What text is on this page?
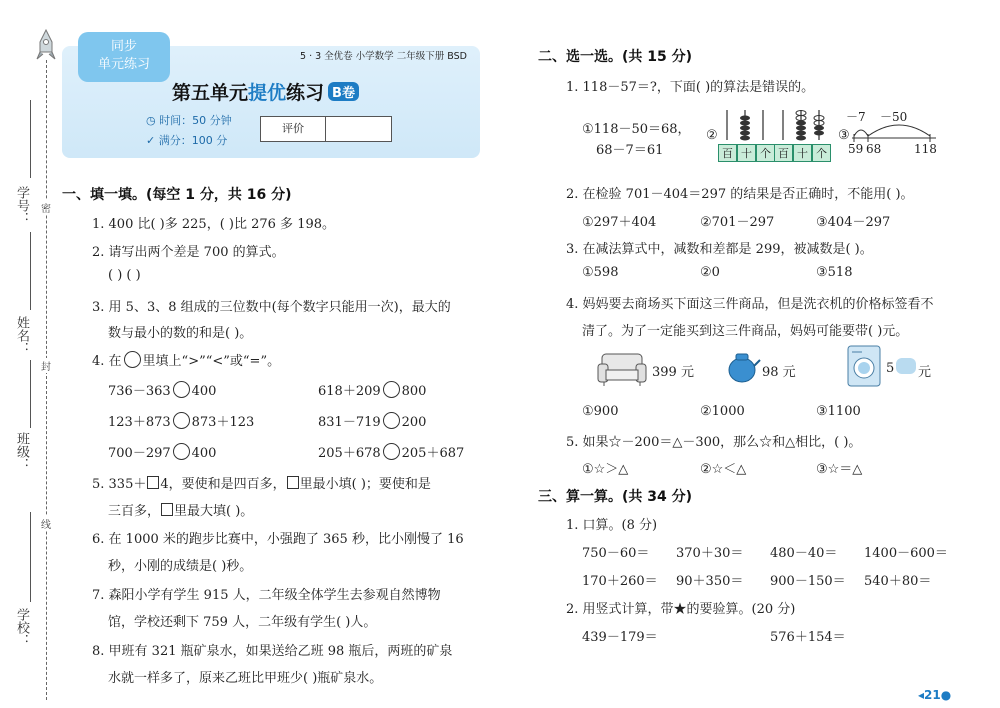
学号：
姓名：
班级：
学校：
密
封
线
同步
单元练习
5 · 3 全优卷 小学数学 二年级下册 BSD
第五单元提优练习 B卷
◷ 时间：50 分钟
✓ 满分：100 分
评价
一、填一填。(每空 1 分，共 16 分)
1. 400 比( )多 225，( )比 276 多 198。
2. 请写出两个差是 700 的算式。
( ) ( )
3. 用 5、3、8 组成的三位数中(每个数字只能用一次)，最大的
数与最小的数的和是( )。
4. 在 里填上“>”“<”或“=”。
736－363 400	618＋209 800
123＋873 873＋123	831－719 200
700－297 400	205＋678 205＋687
5. 335＋ 4，要使和是四百多， 里最小填( )；要使和是
三百多， 里最大填( )。
6. 在 1000 米的跑步比赛中，小强跑了 365 秒，比小刚慢了 16
秒，小刚的成绩是( )秒。
7. 森阳小学有学生 915 人，二年级全体学生去参观自然博物
馆，学校还剩下 759 人，二年级有学生( )人。
8. 甲班有 321 瓶矿泉水，如果送给乙班 98 瓶后，两班的矿泉
水就一样多了，原来乙班比甲班少( )瓶矿泉水。
二、选一选。(共 15 分)
1. 118－57＝?，下面( )的算法是错误的。
①118－50＝68，
68－7＝61
②
百 十 个 百 十 个
③
－7 －50
59 68	118
2. 在检验 701－404＝297 的结果是否正确时，不能用( )。
①297＋404	②701－297	③404－297
3. 在减法算式中，减数和差都是 299，被减数是( )。
①598	②0	③518
4. 妈妈要去商场买下面这三件商品，但是洗衣机的价格标签看不
清了。为了一定能买到这三件商品，妈妈可能要带( )元。
399 元	98 元	5 元
①900	②1000	③1100
5. 如果☆－200＝△－300，那么☆和△相比，( )。
①☆＞△	②☆＜△	③☆＝△
三、算一算。(共 34 分)
1. 口算。(8 分)
750－60＝ 370＋30＝ 480－40＝ 1400－600＝
170＋260＝ 90＋350＝ 900－150＝ 540＋80＝
2. 用竖式计算，带★的要验算。(20 分)
439－179＝	576＋154＝
◂21●
